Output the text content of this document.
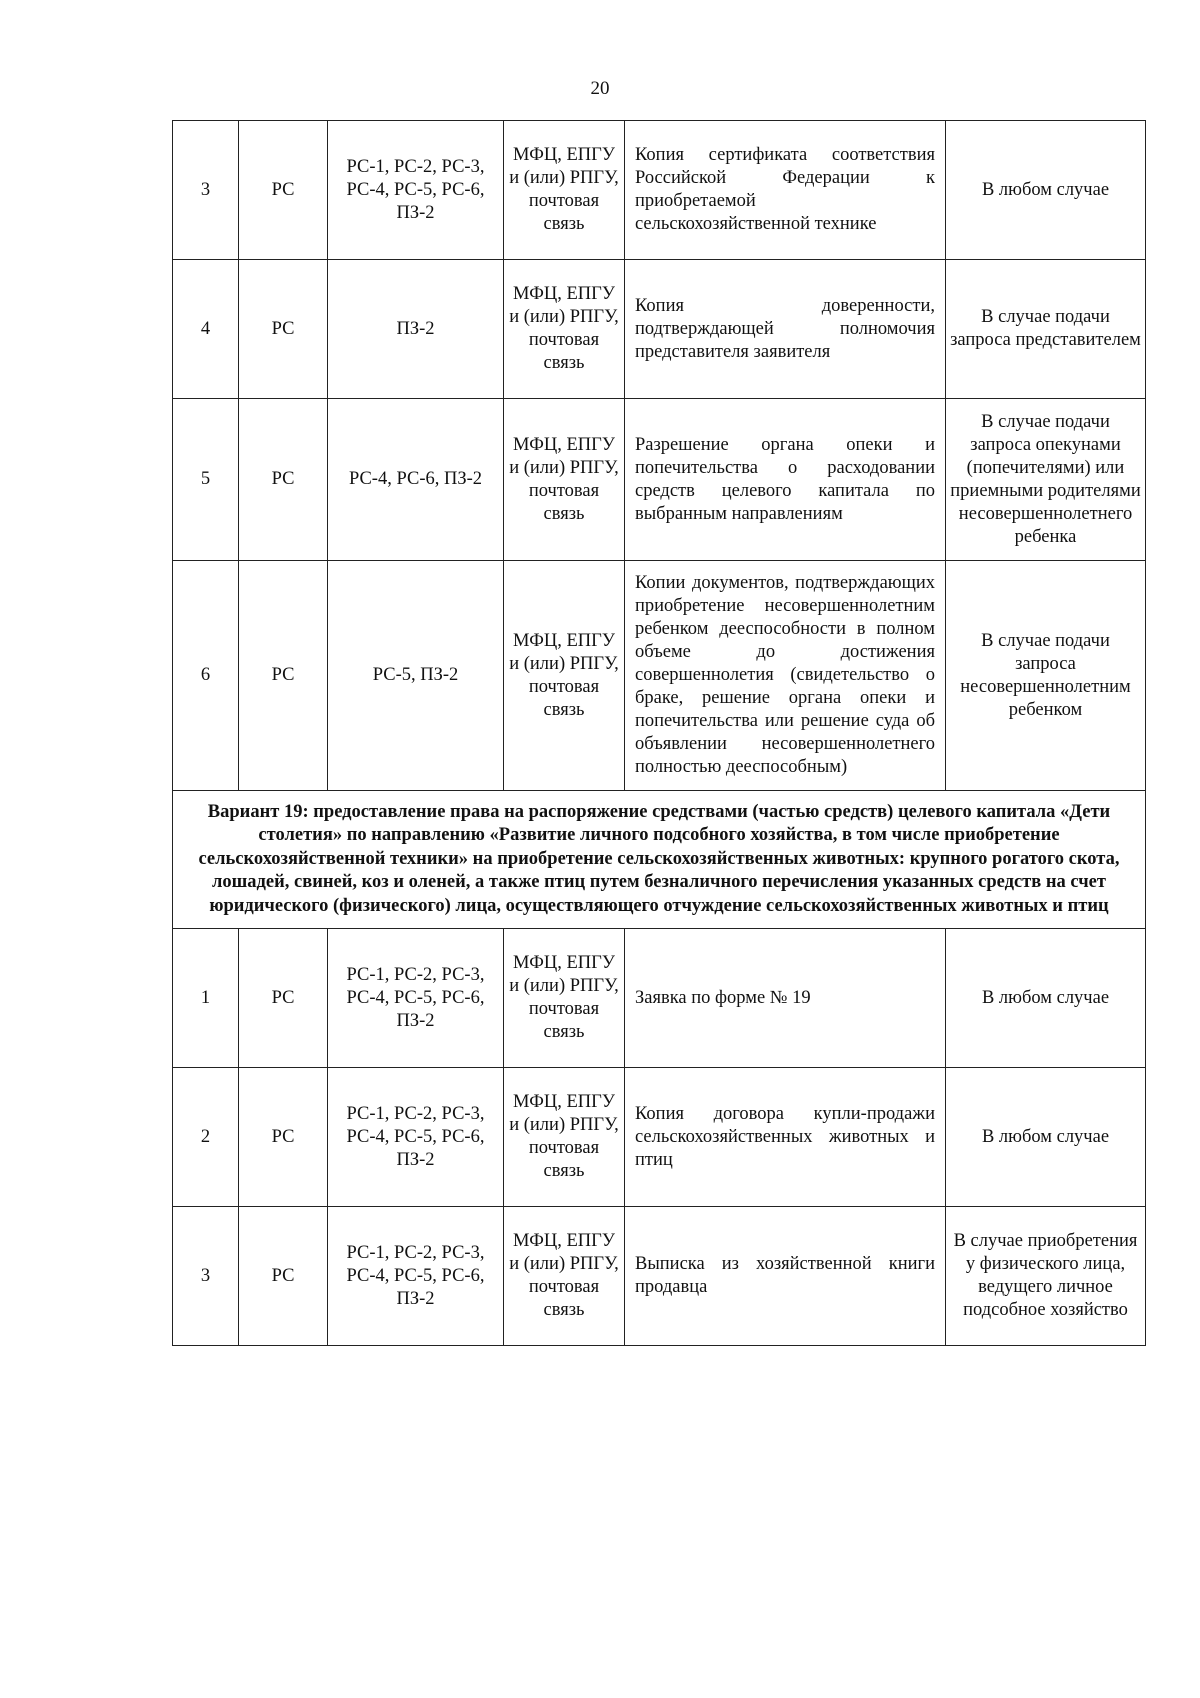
20
3	РС	РС-1, РС-2, РС-3, РС-4, РС-5, РС-6, ПЗ-2	МФЦ, ЕПГУ и (или) РПГУ, почтовая связь	Копия сертификата соответствия Российской Федерации к приобретаемой сельскохозяйственной технике	В любом случае
4	РС	ПЗ-2	МФЦ, ЕПГУ и (или) РПГУ, почтовая связь	Копия доверенности, подтверждающей полномочия представителя заявителя	В случае подачи запроса представителем
5	РС	РС-4, РС-6, ПЗ-2	МФЦ, ЕПГУ и (или) РПГУ, почтовая связь	Разрешение органа опеки и попечительства о расходовании средств целевого капитала по выбранным направлениям	В случае подачи запроса опекунами (попечителями) или приемными родителями несовершеннолетнего ребенка
6	РС	РС-5, ПЗ-2	МФЦ, ЕПГУ и (или) РПГУ, почтовая связь	Копии документов, подтверждающих приобретение несовершеннолетним ребенком дееспособности в полном объеме до достижения совершеннолетия (свидетельство о браке, решение органа опеки и попечительства или решение суда об объявлении несовершеннолетнего полностью дееспособным)	В случае подачи запроса несовершеннолетним ребенком
Вариант 19: предоставление права на распоряжение средствами (частью средств) целевого капитала «Дети столетия» по направлению «Развитие личного подсобного хозяйства, в том числе приобретение сельскохозяйственной техники» на приобретение сельскохозяйственных животных: крупного рогатого скота, лошадей, свиней, коз и оленей, а также птиц путем безналичного перечисления указанных средств на счет юридического (физического) лица, осуществляющего отчуждение сельскохозяйственных животных и птиц					
1	РС	РС-1, РС-2, РС-3, РС-4, РС-5, РС-6, ПЗ-2	МФЦ, ЕПГУ и (или) РПГУ, почтовая связь	Заявка по форме № 19	В любом случае
2	РС	РС-1, РС-2, РС-3, РС-4, РС-5, РС-6, ПЗ-2	МФЦ, ЕПГУ и (или) РПГУ, почтовая связь	Копия договора купли-продажи сельскохозяйственных животных и птиц	В любом случае
3	РС	РС-1, РС-2, РС-3, РС-4, РС-5, РС-6, ПЗ-2	МФЦ, ЕПГУ и (или) РПГУ, почтовая связь	Выписка из хозяйственной книги продавца	В случае приобретения у физического лица, ведущего личное подсобное хозяйство
